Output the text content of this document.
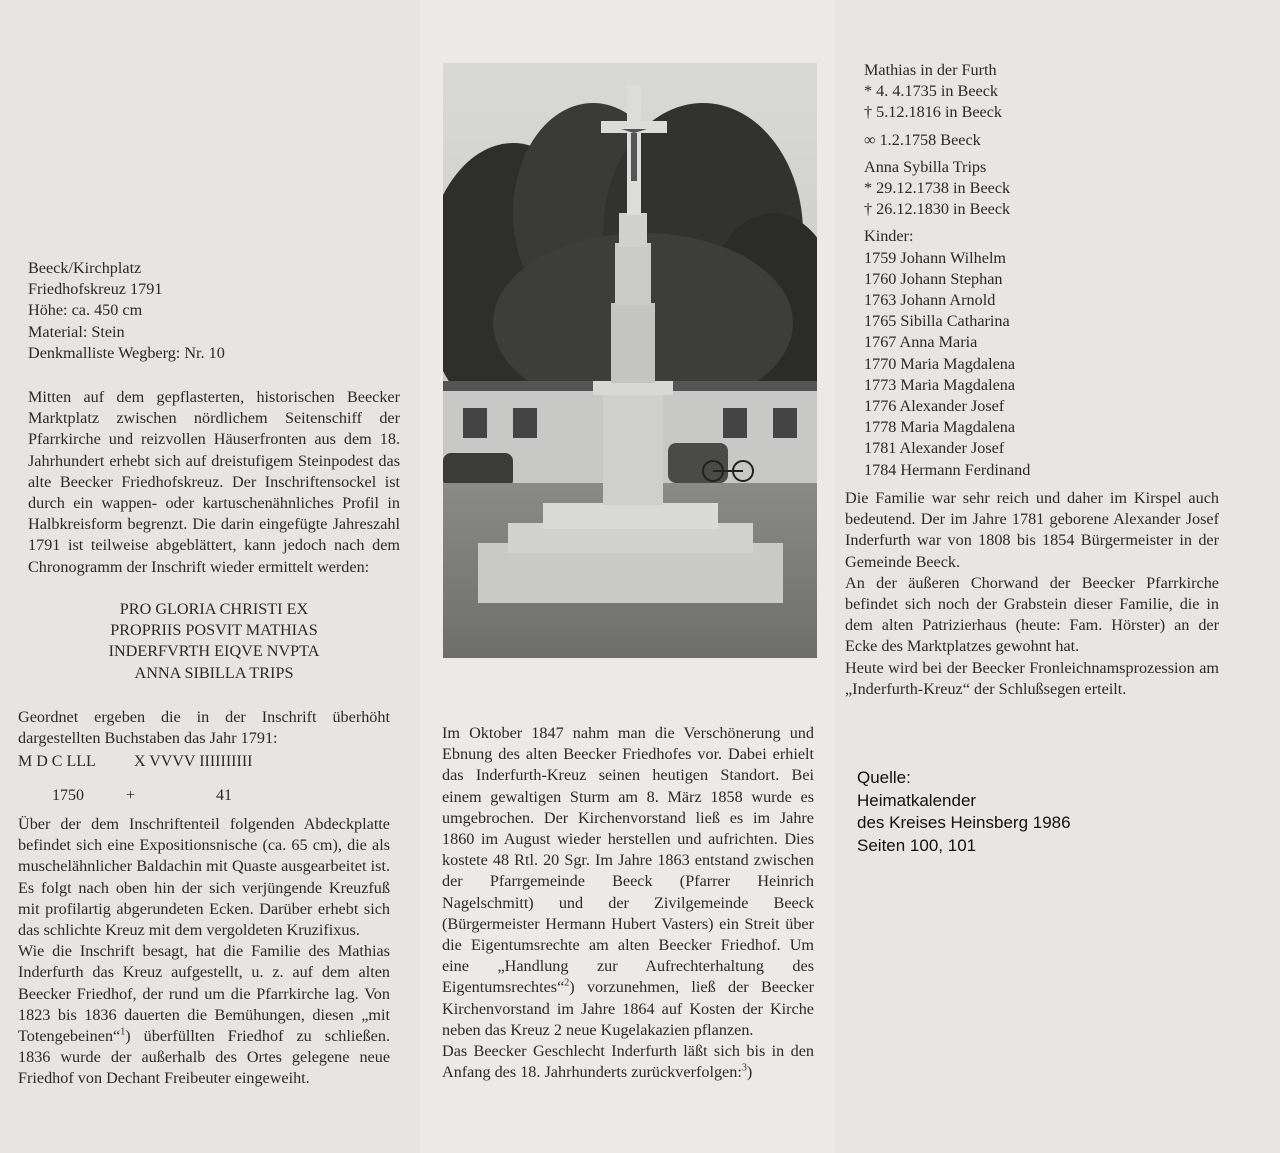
Beeck/Kirchplatz

Friedhofskreuz 1791

Höhe: ca. 450 cm

Material: Stein

Denkmalliste Wegberg: Nr. 10

Mitten auf dem gepflasterten, historischen Beecker Marktplatz zwischen nördlichem Seitenschiff der Pfarrkirche und reizvollen Häuserfronten aus dem 18. Jahrhundert erhebt sich auf dreistufigem Steinpodest das alte Beecker Friedhofskreuz. Der Inschriftensockel ist durch ein wappen- oder kartuschenähnliches Profil in Halbkreisform begrenzt. Die darin eingefügte Jahreszahl 1791 ist teilweise abgeblättert, kann jedoch nach dem Chronogramm der Inschrift wieder ermittelt werden:

PRO GLORIA CHRISTI EX

PROPRIIS POSVIT MATHIAS

INDERFVRTH EIQVE NVPTA

ANNA SIBILLA TRIPS

Geordnet ergeben die in der Inschrift überhöht dargestellten Buchstaben das Jahr 1791:

M D C LLL X VVVV IIIIIIIIII
1750	+	41

Über der dem Inschriftenteil folgenden Abdeckplatte befindet sich eine Expositionsnische (ca. 65 cm), die als muschelähnlicher Baldachin mit Quaste ausgearbeitet ist. Es folgt nach oben hin der sich verjüngende Kreuzfuß mit profilartig abgerundeten Ecken. Darüber erhebt sich das schlichte Kreuz mit dem vergoldeten Kruzifixus.

Wie die Inschrift besagt, hat die Familie des Mathias Inderfurth das Kreuz aufgestellt, u. z. auf dem alten Beecker Friedhof, der rund um die Pfarrkirche lag. Von 1823 bis 1836 dauerten die Bemühungen, diesen „mit Totengebeinen“$^1$) überfüllten Friedhof zu schließen. 1836 wurde der außerhalb des Ortes gelegene neue Friedhof von Dechant Freibeuter eingeweiht.

Im Oktober 1847 nahm man die Verschönerung und Ebnung des alten Beecker Friedhofes vor. Dabei erhielt das Inderfurth-Kreuz seinen heutigen Standort. Bei einem gewaltigen Sturm am 8. März 1858 wurde es umgebrochen. Der Kirchenvorstand ließ es im Jahre 1860 im August wieder herstellen und aufrichten. Dies kostete 48 Rtl. 20 Sgr. Im Jahre 1863 entstand zwischen der Pfarrgemeinde Beeck (Pfarrer Heinrich Nagelschmitt) und der Zivilgemeinde Beeck (Bürgermeister Hermann Hubert Vasters) ein Streit über die Eigentumsrechte am alten Beecker Friedhof. Um eine „Handlung zur Aufrechterhaltung des Eigentumsrechtes“$^2$) vorzunehmen, ließ der Beecker Kirchenvorstand im Jahre 1864 auf Kosten der Kirche neben das Kreuz 2 neue Kugelakazien pflanzen.

Das Beecker Geschlecht Inderfurth läßt sich bis in den Anfang des 18. Jahrhunderts zurückverfolgen:$^3$)

Mathias in der Furth

* 4. 4.1735 in Beeck

† 5.12.1816 in Beeck

∞ 1.2.1758 Beeck

Anna Sybilla Trips

* 29.12.1738 in Beeck

† 26.12.1830 in Beeck

Kinder:

1759 Johann Wilhelm

1760 Johann Stephan

1763 Johann Arnold

1765 Sibilla Catharina

1767 Anna Maria

1770 Maria Magdalena

1773 Maria Magdalena

1776 Alexander Josef

1778 Maria Magdalena

1781 Alexander Josef

1784 Hermann Ferdinand

Die Familie war sehr reich und daher im Kirspel auch bedeutend. Der im Jahre 1781 geborene Alexander Josef Inderfurth war von 1808 bis 1854 Bürgermeister in der Gemeinde Beeck.

An der äußeren Chorwand der Beecker Pfarrkirche befindet sich noch der Grabstein dieser Familie, die in dem alten Patrizierhaus (heute: Fam. Hörster) an der Ecke des Marktplatzes gewohnt hat.

Heute wird bei der Beecker Fronleichnamsprozession am „Inderfurth-Kreuz“ der Schlußsegen erteilt.

Quelle:
Heimatkalender
des Kreises Heinsberg 1986
Seiten 100, 101
